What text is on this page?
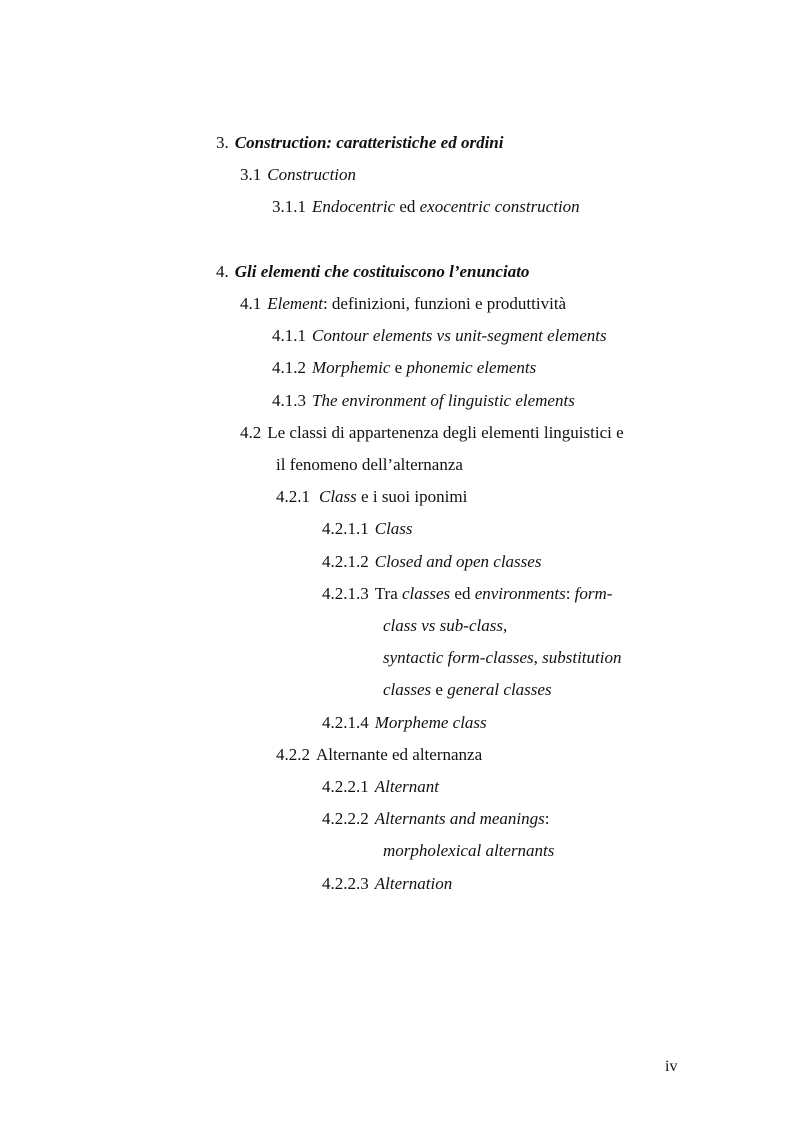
3. Construction: caratteristiche ed ordini
3.1 Construction
3.1.1 Endocentric ed exocentric construction
4. Gli elementi che costituiscono l’enunciato
4.1 Element: definizioni, funzioni e produttività
4.1.1 Contour elements vs unit-segment elements
4.1.2 Morphemic e phonemic elements
4.1.3 The environment of linguistic elements
4.2 Le classi di appartenenza degli elementi linguistici e
il fenomeno dell’alternanza
4.2.1 Class e i suoi iponimi
4.2.1.1 Class
4.2.1.2 Closed and open classes
4.2.1.3 Tra classes ed environments: form-
class vs sub-class,
syntactic form-classes, substitution
classes e general classes
4.2.1.4 Morpheme class
4.2.2 Alternante ed alternanza
4.2.2.1 Alternant
4.2.2.2 Alternants and meanings:
morpholexical alternants
4.2.2.3 Alternation
iv
